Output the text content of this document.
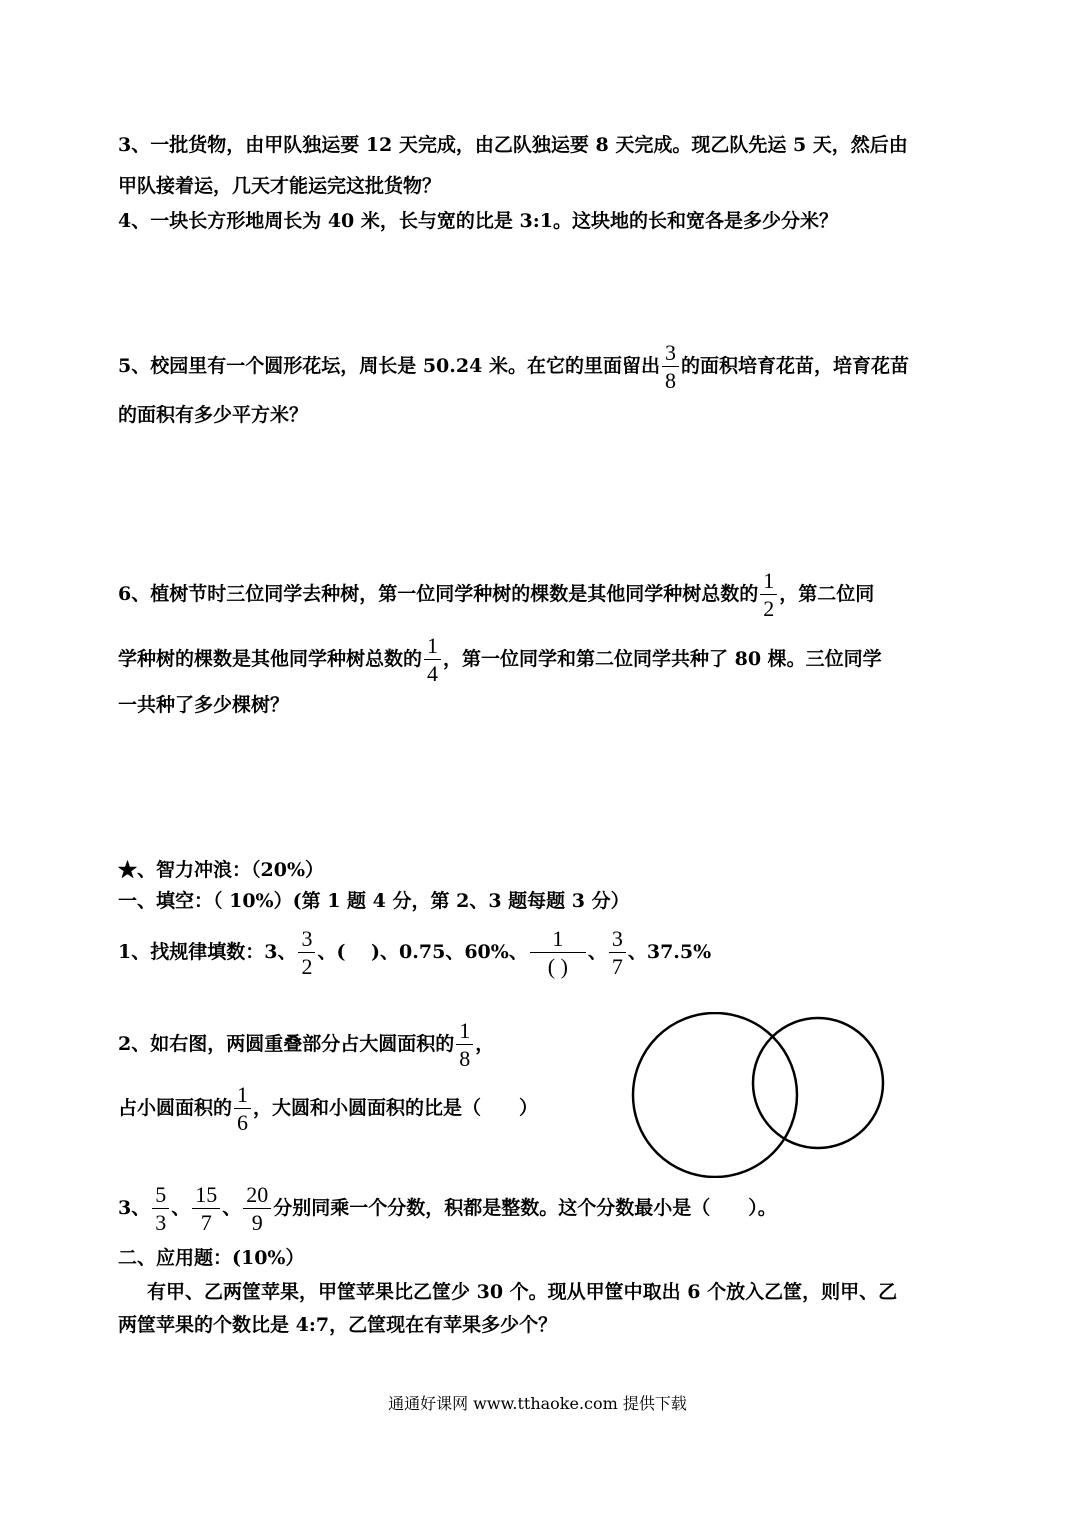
3、一批货物，由甲队独运要 12 天完成，由乙队独运要 8 天完成。现乙队先运 5 天，然后由
甲队接着运，几天才能运完这批货物？
4、一块长方形地周长为 40 米，长与宽的比是 3:1。这块地的长和宽各是多少分米？
5、校园里有一个圆形花坛，周长是 50.24 米。在它的里面留出 $\frac{3}{8}$ 的面积培育花苗，培育花苗
的面积有多少平方米？
6、植树节时三位同学去种树，第一位同学种树的棵数是其他同学种树总数的 $\frac{1}{2}$ ，第二位同
学种树的棵数是其他同学种树总数的 $\frac{1}{4}$ ，第一位同学和第二位同学共种了 80 棵。三位同学
一共种了多少棵树？
★、智力冲浪：（20%）
一、填空：（ 10%）(第 1 题 4 分，第 2、3 题每题 3 分）
1、找规律填数：3、 $\frac{3}{2}$ 、(　 )、0.75、60%、 $\frac{1}{( )}$ 、 $\frac{3}{7}$ 、37.5%
2、如右图，两圆重叠部分占大圆面积的 $\frac{1}{8}$ ，
占小圆面积的 $\frac{1}{6}$ ，大圆和小圆面积的比是（　　）
3、 $\frac{5}{3}$ 、 $\frac{15}{7}$ 、 $\frac{20}{9}$ 分别同乘一个分数，积都是整数。这个分数最小是（　　）。
二、应用题：(10%）
　有甲、乙两筐苹果，甲筐苹果比乙筐少 30 个。现从甲筐中取出 6 个放入乙筐，则甲、乙
两筐苹果的个数比是 4:7，乙筐现在有苹果多少个？
通通好课网 www.tthaoke.com 提供下载
